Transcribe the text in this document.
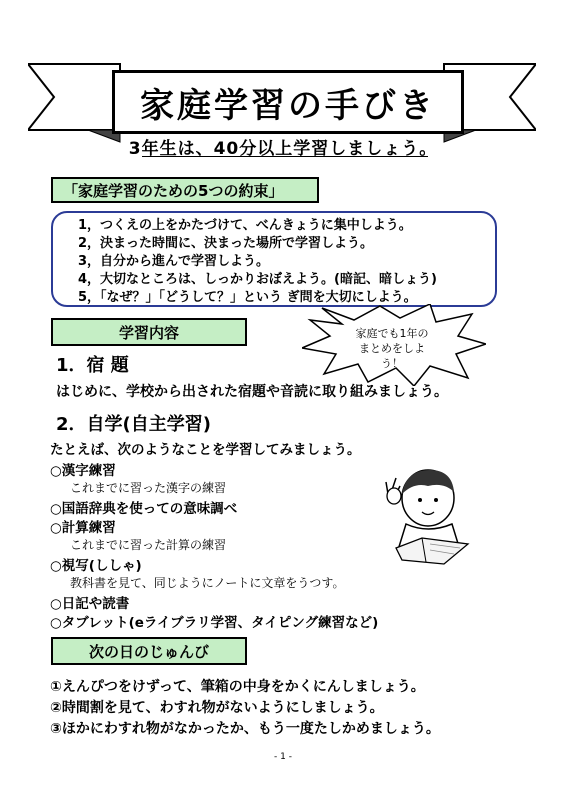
家庭学習の手びき
3年生は、40分以上学習しましょう。
「家庭学習のための5つの約束」
1，つくえの上をかたづけて、べんきょうに集中しよう。
2，決まった時間に、決まった場所で学習しよう。
3，自分から進んで学習しよう。
4，大切なところは、しっかりおぼえよう。(暗記、暗しょう)
5，「なぜ？」「どうして？」という ぎ問を大切にしよう。
学習内容	家庭でも1年のまとめをしよう！
1．宿 題
はじめに、学校から出された宿題や音読に取り組みましょう。
2．自学(自主学習)
たとえば、次のようなことを学習してみましょう。
○漢字練習
これまでに習った漢字の練習
○国語辞典を使っての意味調べ
○計算練習
これまでに習った計算の練習
○視写(ししゃ)
教科書を見て、同じようにノートに文章をうつす。
○日記や読書
○タブレット(eライブラリ学習、タイピング練習など)
次の日のじゅんび
①えんぴつをけずって、筆箱の中身をかくにんしましょう。
②時間割を見て、わすれ物がないようにしましょう。
③ほかにわすれ物がなかったか、もう一度たしかめましょう。
- 1 -
